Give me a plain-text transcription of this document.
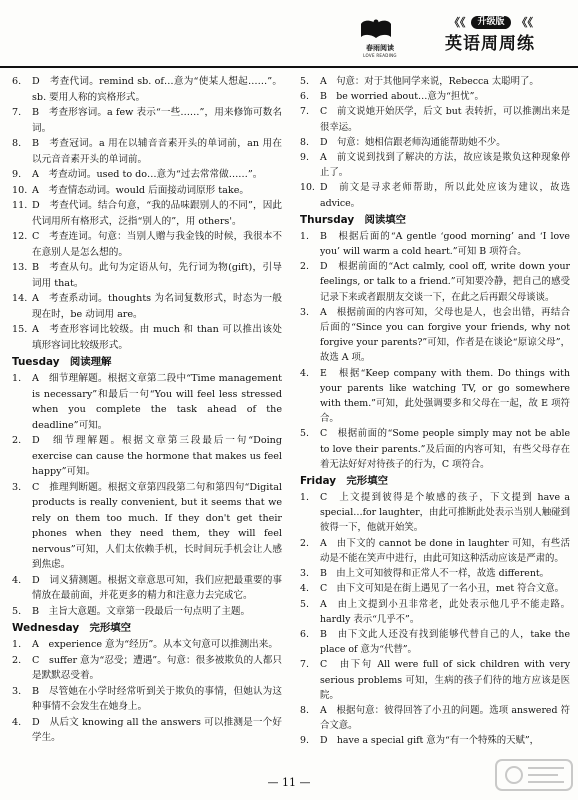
春雨阅读
LOVE READING
《《	升级版	《《
英语周周练
6. D　考查代词。remind sb. of…意为“使某人想起……”。sb. 要用人称的宾格形式。
7. B　考查形容词。a few 表示“一些……”，用来修饰可数名词。
8. B　考查冠词。a 用在以辅音音素开头的单词前，an 用在以元音音素开头的单词前。
9. A　考查动词。used to do…意为“过去常常做……”。
10. A　考查情态动词。would 后面接动词原形 take。
11. D　考查代词。结合句意，“我的品味跟别人的不同”，因此代词用所有格形式，泛指“别人的”，用 others'。
12. C　考查连词。句意：当别人赠与我金钱的时候，我很本不在意别人是怎么想的。
13. B　考查从句。此句为定语从句，先行词为物(gift)，引导词用 that。
14. A　考查系动词。thoughts 为名词复数形式，时态为一般现在时，be 动词用 are。
15. A　考查形容词比较级。由 much 和 than 可以推出该处填形容词比较级形式。
Tuesday　阅读理解
1. A　细节理解题。根据文章第二段中“Time management is necessary”和最后一句“You will feel less stressed when you complete the task ahead of the deadline”可知。
2. D　细节理解题。根据文章第三段最后一句“Doing exercise can cause the hormone that makes us feel happy”可知。
3. C　推理判断题。根据文章第四段第二句和第四句“Digital products is really convenient, but it seems that we rely on them too much. If they don't get their phones when they need them, they will feel nervous”可知，人们太依赖手机，长时间玩手机会让人感到焦虑。
4. D　词义猜测题。根据文章意思可知，我们应把最重要的事情放在最前面，并花更多的精力和注意力去完成它。
5. B　主旨大意题。文章第一段最后一句点明了主题。
Wednesday　完形填空
1. A　experience 意为“经历”。从本文句意可以推测出来。
2. C　suffer 意为“忍受；遭遇”。句意：很多被欺负的人都只是默默忍受着。
3. B　尽管她在小学时经常听到关于欺负的事情，但她认为这种事情不会发生在她身上。
4. D　从后文 knowing all the answers 可以推测是一个好学生。
5. A　句意：对于其他同学来说，Rebecca 太聪明了。
6. B　be worried about…意为“担忧”。
7. C　前文说她开始厌学，后文 but 表转折，可以推测出来是很幸运。
8. D　句意：她相信跟老师沟通能帮助她不少。
9. A　前文说到找到了解决的方法，故应该是欺负这种现象停止了。
10. D　前文是寻求老师帮助，所以此处应该为建议，故选 advice。
Thursday　阅读填空
1. B　根据后面的“A gentle ‘good morning’ and ‘I love you’ will warm a cold heart.”可知 B 项符合。
2. D　根据前面的“Act calmly, cool off, write down your feelings, or talk to a friend.”可知要冷静，把自己的感受记录下来或者跟朋友交谈一下，在此之后再跟父母谈谈。
3. A　根据前面的内容可知，父母也是人，也会出错，再结合后面的“Since you can forgive your friends, why not forgive your parents?”可知，作者是在谈论“原谅父母”，故选 A 项。
4. E　根据“Keep company with them. Do things with your parents like watching TV, or go somewhere with them.”可知，此处强调要多和父母在一起，故 E 项符合。
5. C　根据前面的“Some people simply may not be able to love their parents.”及后面的内容可知，有些父母存在着无法好好对待孩子的行为，C 项符合。
Friday　完形填空
1. C　上文提到彼得是个敏感的孩子，下文提到 have a special…for laughter，由此可推断此处表示当别人触碰到彼得一下，他就开始笑。
2. A　由下文的 cannot be done in laughter 可知，有些活动是不能在笑声中进行，由此可知这种活动应该是严肃的。
3. B　由上文可知彼得和正常人不一样，故选 different。
4. C　由下文可知是在街上遇见了一名小丑，met 符合文意。
5. A　由上文提到小丑非常老，此处表示他几乎不能走路。hardly 表示“几乎不”。
6. B　由下文此人还没有找到能够代替自己的人，take the place of 意为“代替”。
7. C　由下句 All were full of sick children with very serious problems 可知，生病的孩子们待的地方应该是医院。
8. A　根据句意：彼得回答了小丑的问题。选项 answered 符合文意。
9. D　have a special gift 意为“有一个特殊的天赋”，
— 11 —
